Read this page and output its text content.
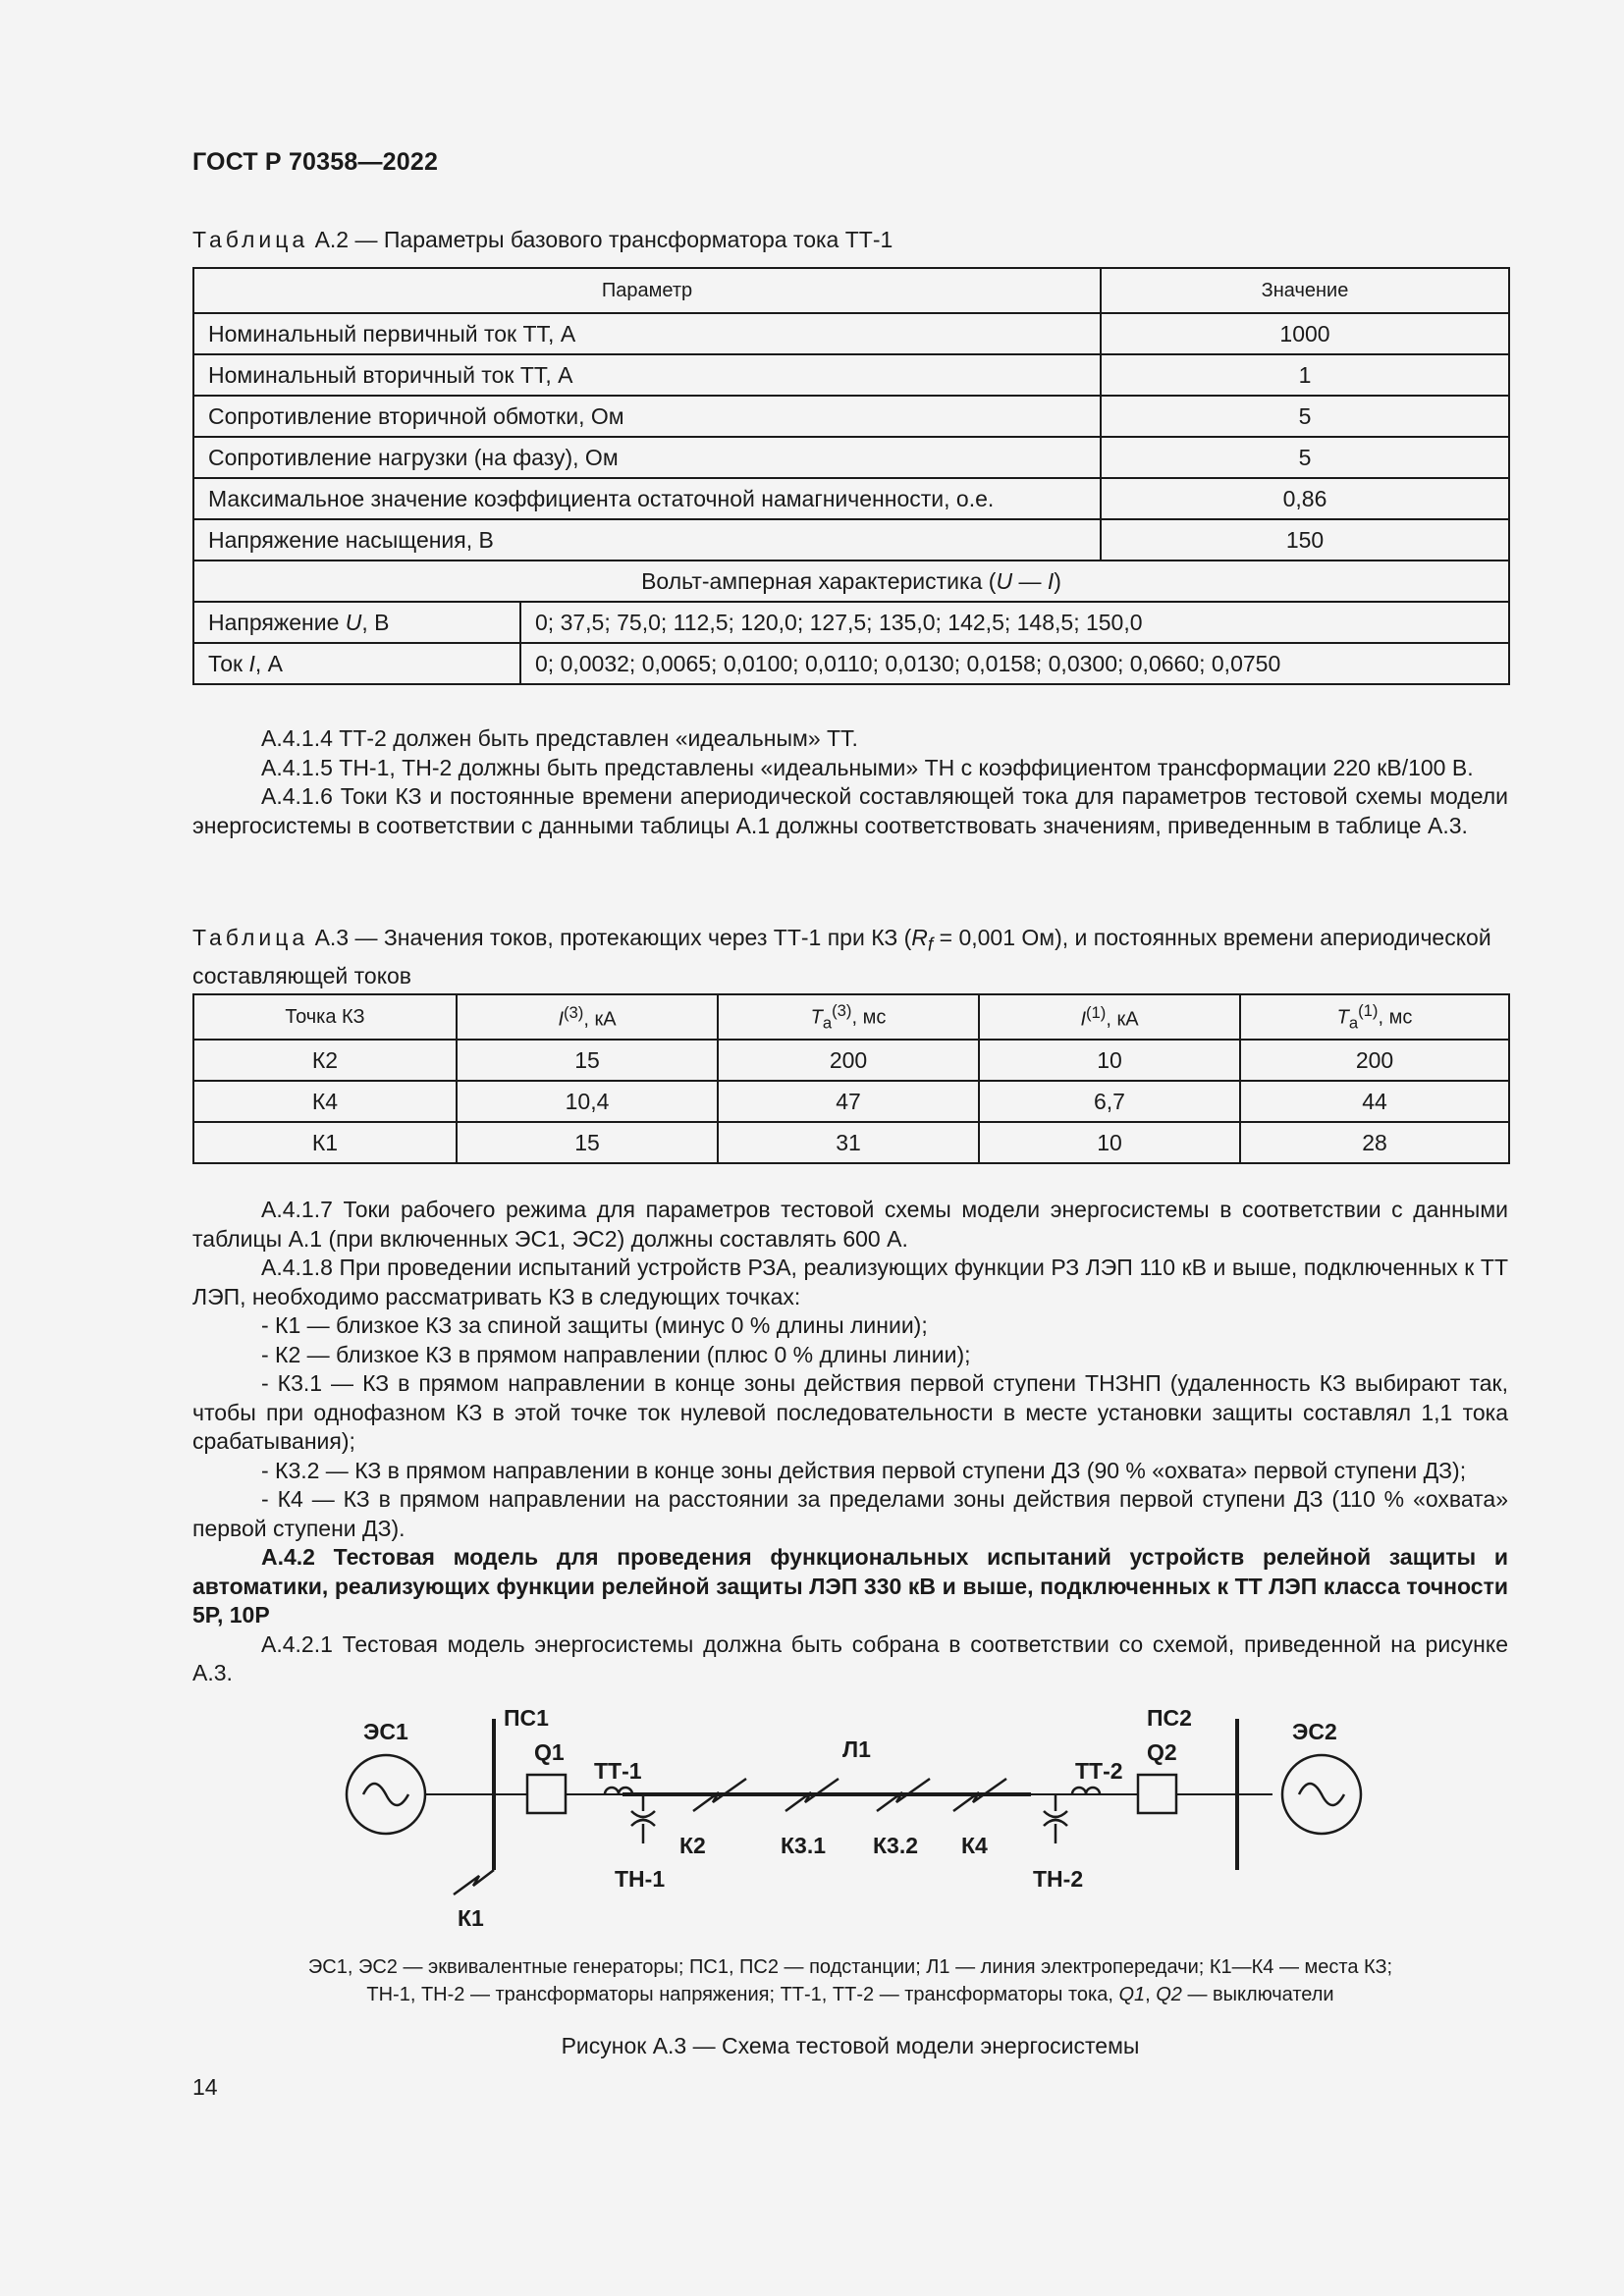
ГОСТ Р 70358—2022
Таблица А.2 — Параметры базового трансформатора тока ТТ-1
Параметр		Значение
Номинальный первичный ток ТТ, А		1000
Номинальный вторичный ток ТТ, А		1
Сопротивление вторичной обмотки, Ом		5
Сопротивление нагрузки (на фазу), Ом		5
Максимальное значение коэффициента остаточной намагниченности, о.е.		0,86
Напряжение насыщения, В		150
Вольт-амперная характеристика (U — I)		
Напряжение U, В	0; 37,5; 75,0; 112,5; 120,0; 127,5; 135,0; 142,5; 148,5; 150,0	
Ток I, А	0; 0,0032; 0,0065; 0,0100; 0,0110; 0,0130; 0,0158; 0,0300; 0,0660; 0,0750	

А.4.1.4 ТТ-2 должен быть представлен «идеальным» ТТ.

А.4.1.5 ТН-1, ТН-2 должны быть представлены «идеальными» ТН с коэффициентом трансформации 220 кВ/100 В.

А.4.1.6 Токи КЗ и постоянные времени апериодической составляющей тока для параметров тестовой схемы модели энергосистемы в соответствии с данными таблицы А.1 должны соответствовать значениям, приведенным в таблице А.3.

Таблица А.3 — Значения токов, протекающих через ТТ-1 при КЗ ($R_f = 0,001$ Ом), и постоянных времени апериодической составляющей токов
Точка КЗ	$I^{(3)}$, кА	$T_a^{(3)}$, мс	$I^{(1)}$, кА	$T_a^{(1)}$, мс
К2	15	200	10	200
К4	10,4	47	6,7	44
К1	15	31	10	28

А.4.1.7 Токи рабочего режима для параметров тестовой схемы модели энергосистемы в соответствии с данными таблицы А.1 (при включенных ЭС1, ЭС2) должны составлять 600 А.

А.4.1.8 При проведении испытаний устройств РЗА, реализующих функции РЗ ЛЭП 110 кВ и выше, подключенных к ТТ ЛЭП, необходимо рассматривать КЗ в следующих точках:

- К1 — близкое КЗ за спиной защиты (минус 0 % длины линии);

- К2 — близкое КЗ в прямом направлении (плюс 0 % длины линии);

- К3.1 — КЗ в прямом направлении в конце зоны действия первой ступени ТНЗНП (удаленность КЗ выбирают так, чтобы при однофазном КЗ в этой точке ток нулевой последовательности в месте установки защиты составлял 1,1 тока срабатывания);

- К3.2 — КЗ в прямом направлении в конце зоны действия первой ступени ДЗ (90 % «охвата» первой ступени ДЗ);

- К4 — КЗ в прямом направлении на расстоянии за пределами зоны действия первой ступени ДЗ (110 % «охвата» первой ступени ДЗ).

А.4.2 Тестовая модель для проведения функциональных испытаний устройств релейной защиты и автоматики, реализующих функции релейной защиты ЛЭП 330 кВ и выше, подключенных к ТТ ЛЭП класса точности 5Р, 10Р

А.4.2.1 Тестовая модель энергосистемы должна быть собрана в соответствии со схемой, приведенной на рисунке А.3.

ЭС1	ЭС2
ПС1	ПС2
Q1	Q2
ТТ-1	ТТ-2
Л1
ТН-1	ТН-2
К2	К3.1 К3.2 К4
К1
ЭС1, ЭС2 — эквивалентные генераторы; ПС1, ПС2 — подстанции; Л1 — линия электропередачи; К1—К4 — места КЗ;
ТН-1, ТН-2 — трансформаторы напряжения; ТТ-1, ТТ-2 — трансформаторы тока, Q1, Q2 — выключатели
Рисунок А.3 — Схема тестовой модели энергосистемы
14
